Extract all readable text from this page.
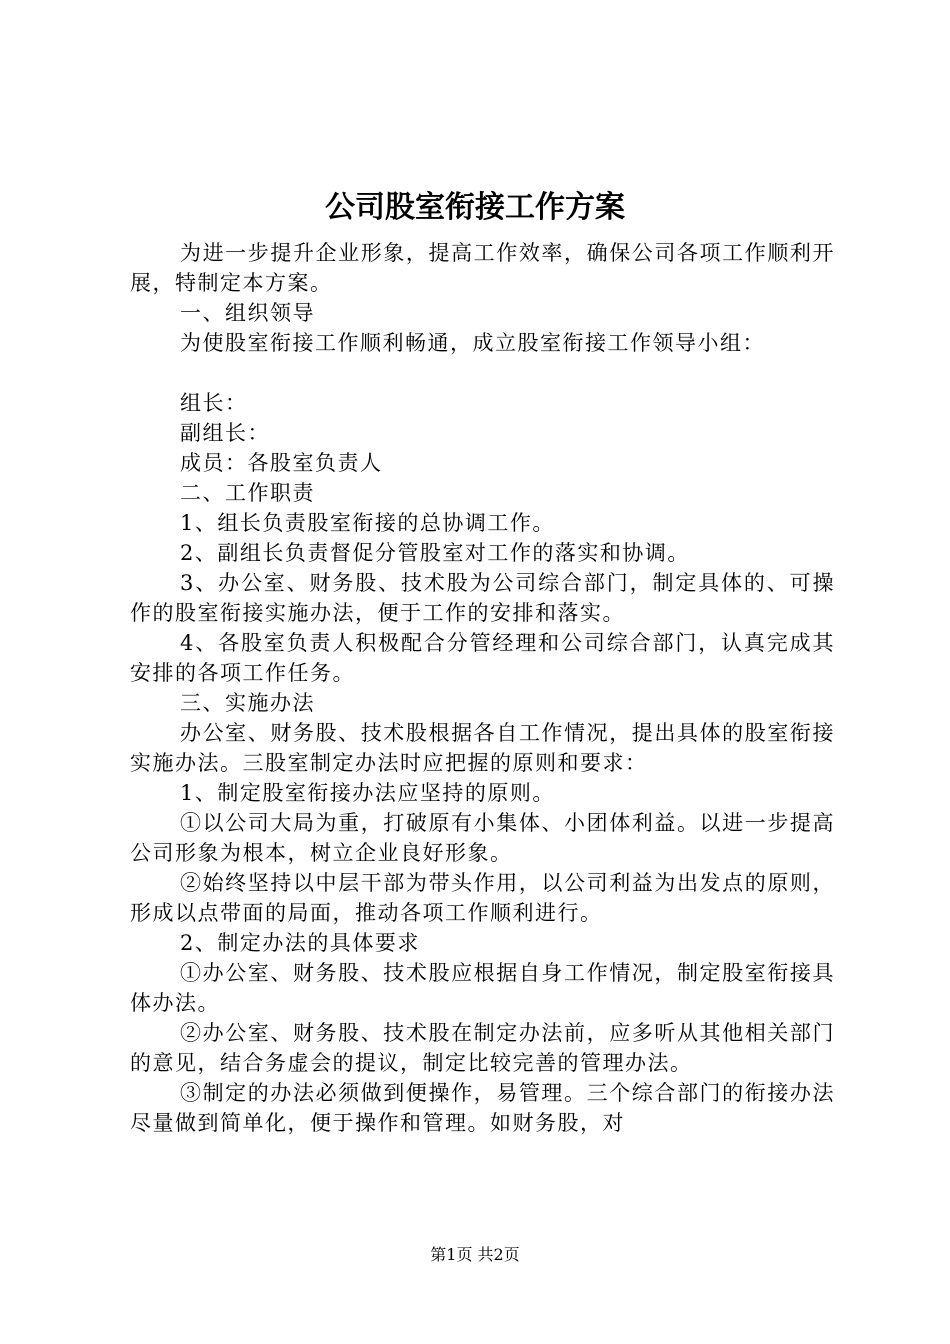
公司股室衔接工作方案

为进一步提升企业形象，提高工作效率，确保公司各项工作顺利开展，特制定本方案。

一、组织领导

为使股室衔接工作顺利畅通，成立股室衔接工作领导小组：

组长：

副组长：

成员：各股室负责人

二、工作职责

1、组长负责股室衔接的总协调工作。

2、副组长负责督促分管股室对工作的落实和协调。

3、办公室、财务股、技术股为公司综合部门，制定具体的、可操作的股室衔接实施办法，便于工作的安排和落实。

4、各股室负责人积极配合分管经理和公司综合部门，认真完成其安排的各项工作任务。

三、实施办法

办公室、财务股、技术股根据各自工作情况，提出具体的股室衔接实施办法。三股室制定办法时应把握的原则和要求：

1、制定股室衔接办法应坚持的原则。

①以公司大局为重，打破原有小集体、小团体利益。以进一步提高公司形象为根本，树立企业良好形象。

②始终坚持以中层干部为带头作用，以公司利益为出发点的原则，形成以点带面的局面，推动各项工作顺利进行。

2、制定办法的具体要求

①办公室、财务股、技术股应根据自身工作情况，制定股室衔接具体办法。

②办公室、财务股、技术股在制定办法前，应多听从其他相关部门的意见，结合务虚会的提议，制定比较完善的管理办法。

③制定的办法必须做到便操作，易管理。三个综合部门的衔接办法尽量做到简单化，便于操作和管理。如财务股，对

第1页 共2页
